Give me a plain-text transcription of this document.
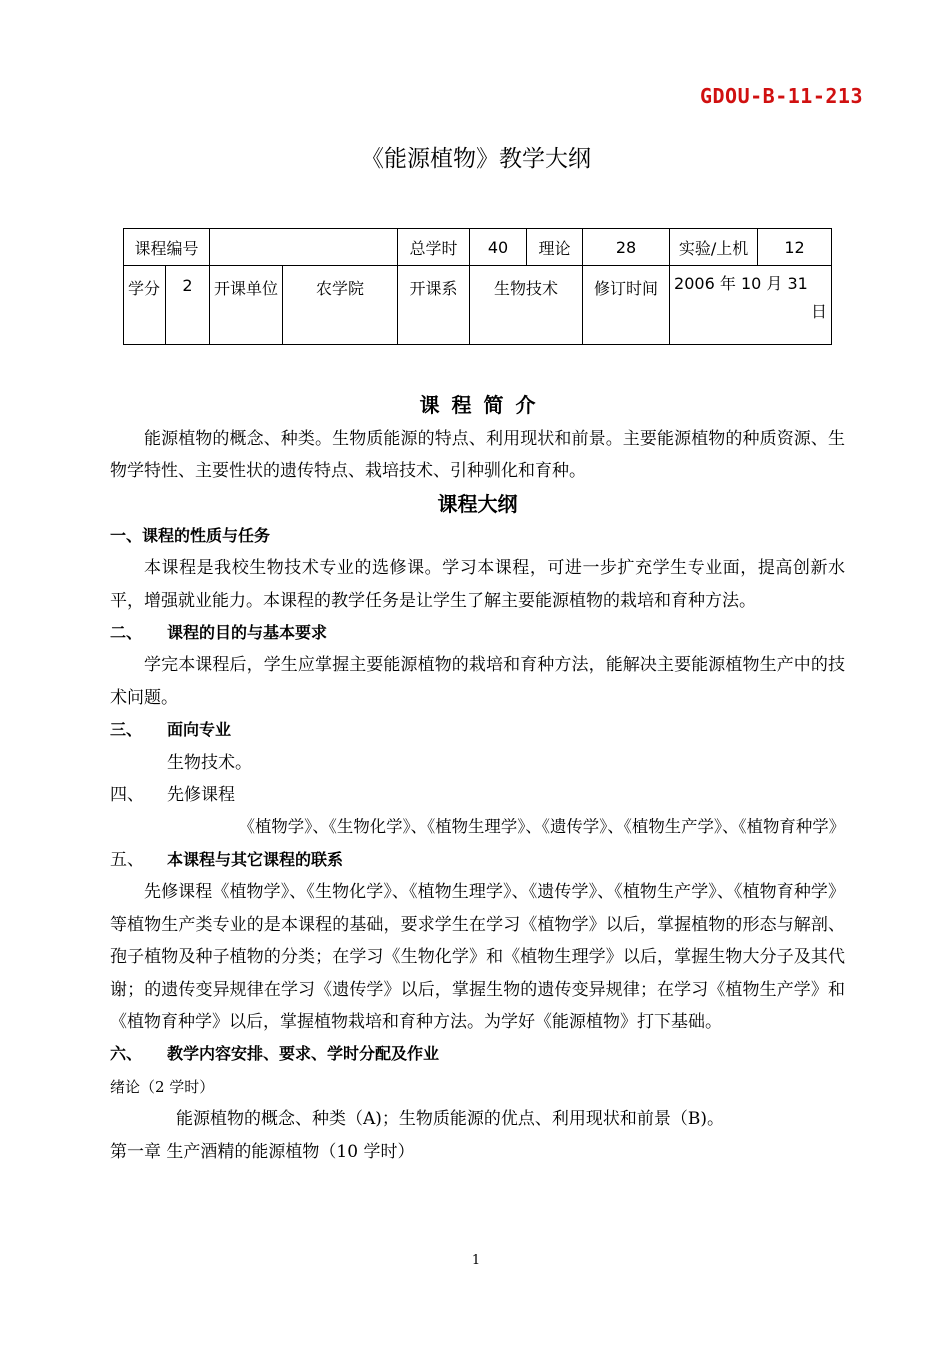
GDOU-B-11-213
《能源植物》教学大纲
课程编号				总学时	40	理论	28	实验/上机	12
学分	2	开课单位	农学院	开课系	生物技术		修订时间	2006 年 10 月 31
日	
课程简介

能源植物的概念、种类。生物质能源的特点、利用现状和前景。主要能源植物的种质资源、生物学特性、主要性状的遗传特点、栽培技术、引种驯化和育种。

课程大纲

一、课程的性质与任务

本课程是我校生物技术专业的选修课。学习本课程，可进一步扩充学生专业面，提高创新水平，增强就业能力。本课程的教学任务是让学生了解主要能源植物的栽培和育种方法。

二、 课程的目的与基本要求

学完本课程后，学生应掌握主要能源植物的栽培和育种方法，能解决主要能源植物生产中的技术问题。

三、 面向专业

生物技术。

四、 先修课程

《植物学》、《生物化学》、《植物生理学》、《遗传学》、《植物生产学》、《植物育种学》

五、 本课程与其它课程的联系

先修课程《植物学》、《生物化学》、《植物生理学》、《遗传学》、《植物生产学》、《植物育种学》等植物生产类专业的是本课程的基础，要求学生在学习《植物学》以后，掌握植物的形态与解剖、孢子植物及种子植物的分类；在学习《生物化学》和《植物生理学》以后，掌握生物大分子及其代谢；的遗传变异规律在学习《遗传学》以后，掌握生物的遗传变异规律；在学习《植物生产学》和《植物育种学》以后，掌握植物栽培和育种方法。为学好《能源植物》打下基础。

六、 教学内容安排、要求、学时分配及作业

绪论（2 学时）

能源植物的概念、种类（A)；生物质能源的优点、利用现状和前景（B)。

第一章 生产酒精的能源植物（10 学时）

1
